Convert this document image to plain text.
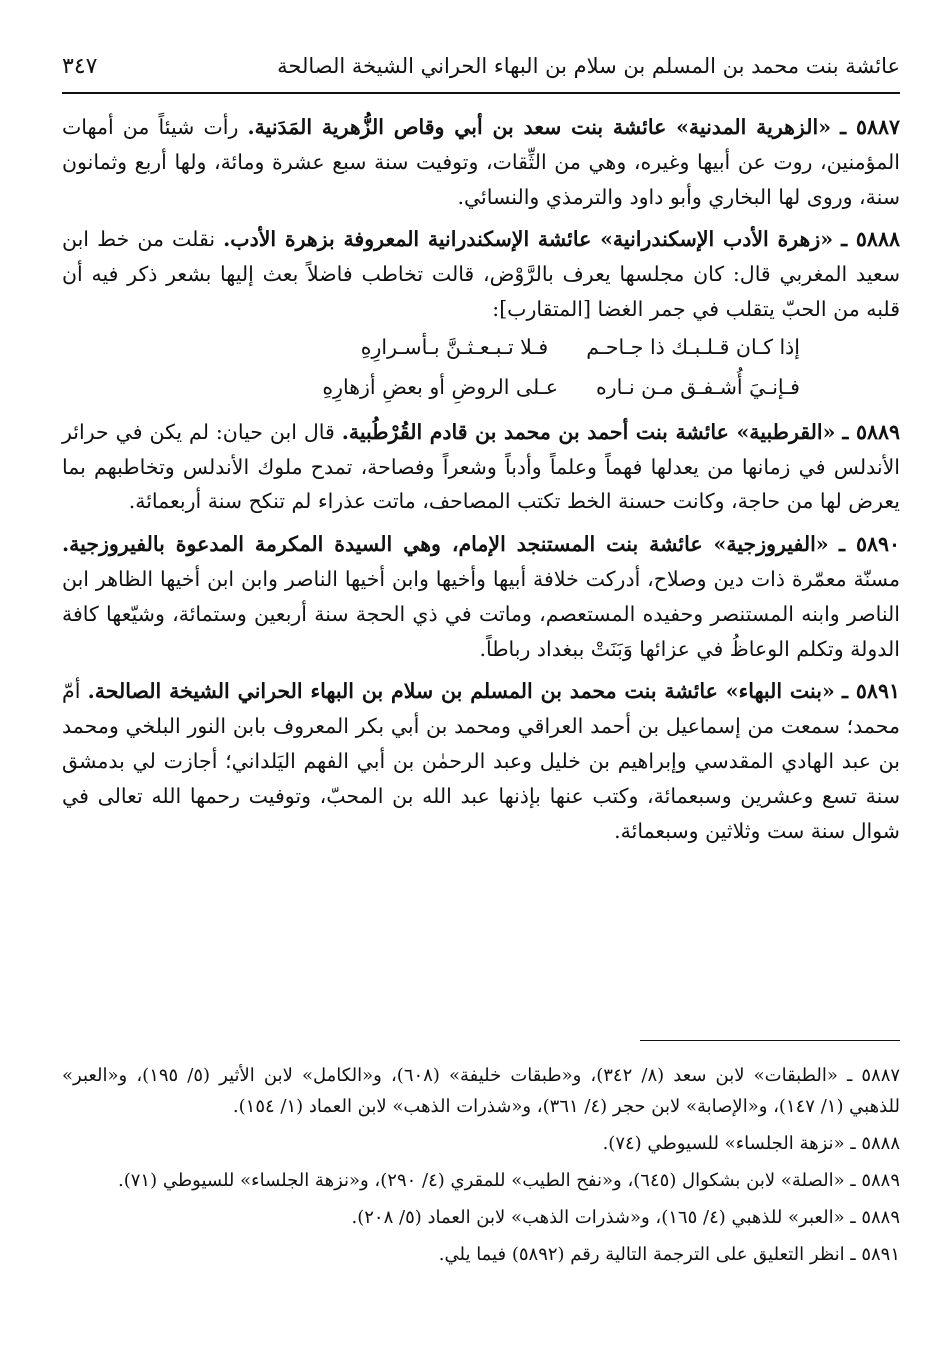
عائشة بنت محمد بن المسلم بن سلام بن البهاء الحراني الشيخة الصالحة
٣٤٧

٥٨٨٧ ـ «الزهرية المدنية» عائشة بنت سعد بن أبي وقاص الزُّهرية المَدَنية. رأت شيئاً من أمهات المؤمنين، روت عن أبيها وغيره، وهي من الثِّقات، وتوفيت سنة سبع عشرة ومائة، ولها أربع وثمانون سنة، وروى لها البخاري وأبو داود والترمذي والنسائي.

٥٨٨٨ ـ «زهرة الأدب الإسكندرانية» عائشة الإسكندرانية المعروفة بزهرة الأدب. نقلت من خط ابن سعيد المغربي قال: كان مجلسها يعرف بالرَّوْض، قالت تخاطب فاضلاً بعث إليها بشعر ذكر فيه أن قلبه من الحبّ يتقلب في جمر الغضا [المتقارب]:
إذا كـان قـلـبـك ذا جـاحـم
فـلا تـبـعـثـنَّ بـأسـرارِهِ
فـإنـيَ أُشـفـق مـن نـاره
عـلى الروضِ أو بعضِ أزهارِهِ

٥٨٨٩ ـ «القرطبية» عائشة بنت أحمد بن محمد بن قادم القُرْطُبية. قال ابن حيان: لم يكن في حرائر الأندلس في زمانها من يعدلها فهماً وعلماً وأدباً وشعراً وفصاحة، تمدح ملوك الأندلس وتخاطبهم بما يعرض لها من حاجة، وكانت حسنة الخط تكتب المصاحف، ماتت عذراء لم تنكح سنة أربعمائة.

٥٨٩٠ ـ «الفيروزجية» عائشة بنت المستنجد الإمام، وهي السيدة المكرمة المدعوة بالفيروزجية. مسنّة معمّرة ذات دين وصلاح، أدركت خلافة أبيها وأخيها وابن أخيها الناصر وابن ابن أخيها الظاهر ابن الناصر وابنه المستنصر وحفيده المستعصم، وماتت في ذي الحجة سنة أربعين وستمائة، وشيّعها كافة الدولة وتكلم الوعاظُ في عزائها وَبَنَتْ ببغداد رباطاً.

٥٨٩١ ـ «بنت البهاء» عائشة بنت محمد بن المسلم بن سلام بن البهاء الحراني الشيخة الصالحة. أمّ محمد؛ سمعت من إسماعيل بن أحمد العراقي ومحمد بن أبي بكر المعروف بابن النور البلخي ومحمد بن عبد الهادي المقدسي وإبراهيم بن خليل وعبد الرحمٰن بن أبي الفهم اليَلداني؛ أجازت لي بدمشق سنة تسع وعشرين وسبعمائة، وكتب عنها بإذنها عبد الله بن المحبّ، وتوفيت رحمها الله تعالى في شوال سنة ست وثلاثين وسبعمائة.

٥٨٨٧ ـ «الطبقات» لابن سعد (٨/ ٣٤٢)، و«طبقات خليفة» (٦٠٨)، و«الكامل» لابن الأثير (٥/ ١٩٥)، و«العبر» للذهبي (١/ ١٤٧)، و«الإصابة» لابن حجر (٤/ ٣٦١)، و«شذرات الذهب» لابن العماد (١/ ١٥٤).

٥٨٨٨ ـ «نزهة الجلساء» للسيوطي (٧٤).

٥٨٨٩ ـ «الصلة» لابن بشكوال (٦٤٥)، و«نفح الطيب» للمقري (٤/ ٢٩٠)، و«نزهة الجلساء» للسيوطي (٧١).

٥٨٨٩ ـ «العبر» للذهبي (٤/ ١٦٥)، و«شذرات الذهب» لابن العماد (٥/ ٢٠٨).

٥٨٩١ ـ انظر التعليق على الترجمة التالية رقم (٥٨٩٢) فيما يلي.
